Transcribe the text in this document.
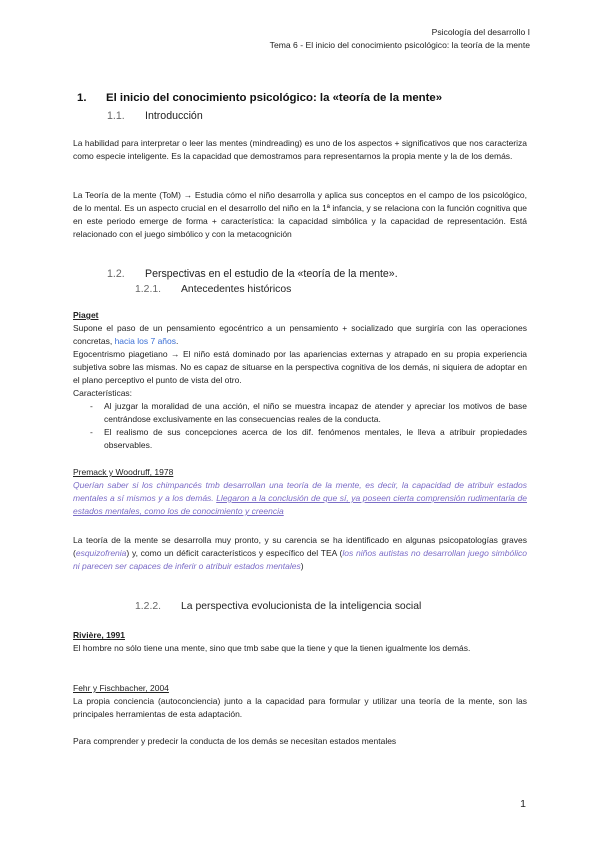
Psicología del desarrollo I
Tema 6 - El inicio del conocimiento psicológico: la teoría de la mente
1. El inicio del conocimiento psicológico: la «teoría de la mente»
1.1. Introducción
La habilidad para interpretar o leer las mentes (mindreading) es uno de los aspectos + significativos que nos caracteriza como especie inteligente. Es la capacidad que demostramos para representarnos la propia mente y la de los demás.
La Teoría de la mente (ToM) → Estudia cómo el niño desarrolla y aplica sus conceptos en el campo de los psicológico, de lo mental. Es un aspecto crucial en el desarrollo del niño en la 1ª infancia, y se relaciona con la función cognitiva que en este periodo emerge de forma + característica: la capacidad simbólica y la capacidad de representación. Está relacionado con el juego simbólico y con la metacognición
1.2. Perspectivas en el estudio de la «teoría de la mente».
1.2.1. Antecedentes históricos
Piaget
Supone el paso de un pensamiento egocéntrico a un pensamiento + socializado que surgiría con las operaciones concretas, hacia los 7 años.
Egocentrismo piagetiano → El niño está dominado por las apariencias externas y atrapado en su propia experiencia subjetiva sobre las mismas. No es capaz de situarse en la perspectiva cognitiva de los demás, ni siquiera de adoptar en el plano perceptivo el punto de vista del otro.
Características:
- Al juzgar la moralidad de una acción, el niño se muestra incapaz de atender y apreciar los motivos de base centrándose exclusivamente en las consecuencias reales de la conducta.
- El realismo de sus concepciones acerca de los dif. fenómenos mentales, le lleva a atribuir propiedades observables.
Premack y Woodruff, 1978
Querían saber si los chimpancés tmb desarrollan una teoría de la mente, es decir, la capacidad de atribuir estados mentales a sí mismos y a los demás. Llegaron a la conclusión de que sí, ya poseen cierta comprensión rudimentaria de estados mentales, como los de conocimiento y creencia
La teoría de la mente se desarrolla muy pronto, y su carencia se ha identificado en algunas psicopatologías graves (esquizofrenia) y, como un déficit característicos y específico del TEA (los niños autistas no desarrollan juego simbólico ni parecen ser capaces de inferir o atribuir estados mentales)
1.2.2. La perspectiva evolucionista de la inteligencia social
Rivière, 1991
El hombre no sólo tiene una mente, sino que tmb sabe que la tiene y que la tienen igualmente los demás.
Fehr y Fischbacher, 2004
La propia conciencia (autoconciencia) junto a la capacidad para formular y utilizar una teoría de la mente, son las principales herramientas de esta adaptación.
Para comprender y predecir la conducta de los demás se necesitan estados mentales
1
